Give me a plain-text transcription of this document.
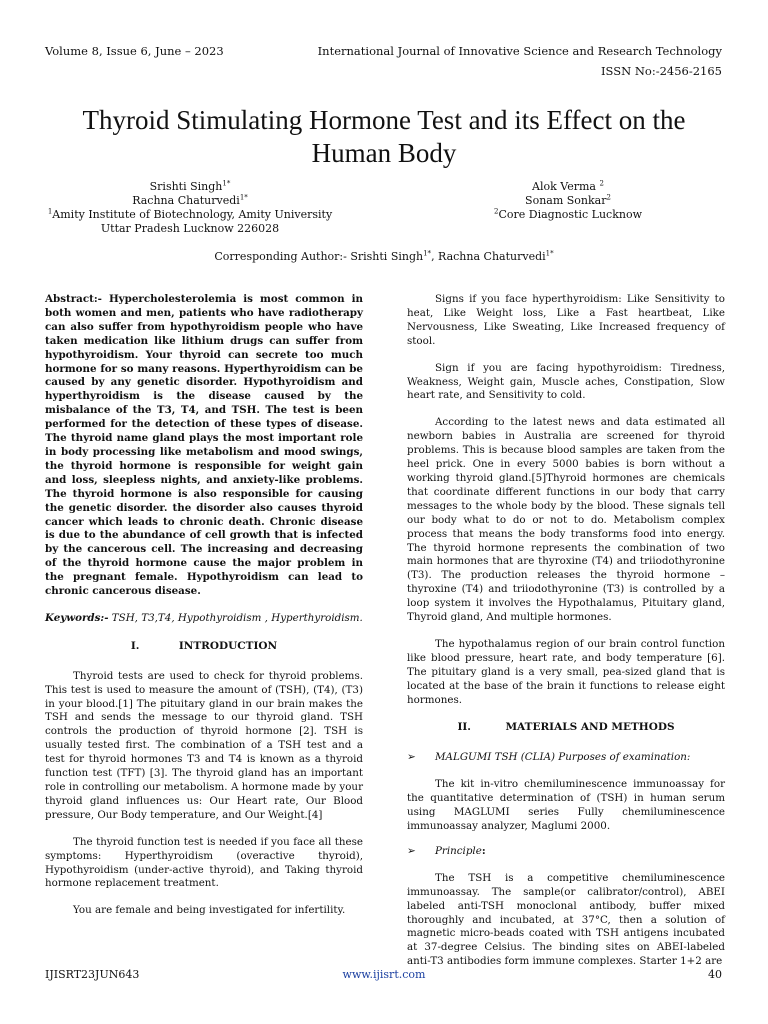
Volume 8, Issue 6, June – 2023	International Journal of Innovative Science and Research Technology
ISSN No:-2456-2165
Thyroid Stimulating Hormone Test and its Effect on the Human Body
Srishti Singh$^{1*}$
Rachna Chaturvedi$^{1*}$
$^1$Amity Institute of Biotechnology, Amity University Uttar Pradesh Lucknow 226028
Alok Verma $^2$
Sonam Sonkar$^2$
$^2$Core Diagnostic Lucknow
Corresponding Author:- Srishti Singh$^{1*}$, Rachna Chaturvedi$^{1*}$

Abstract:- Hypercholesterolemia is most common in both women and men, patients who have radiotherapy can also suffer from hypothyroidism people who have taken medication like lithium drugs can suffer from hypothyroidism. Your thyroid can secrete too much hormone for so many reasons. Hyperthyroidism can be caused by any genetic disorder. Hypothyroidism and hyperthyroidism is the disease caused by the misbalance of the T3, T4, and TSH. The test is been performed for the detection of these types of disease. The thyroid name gland plays the most important role in body processing like metabolism and mood swings, the thyroid hormone is responsible for weight gain and loss, sleepless nights, and anxiety-like problems. The thyroid hormone is also responsible for causing the genetic disorder. the disorder also causes thyroid cancer which leads to chronic death. Chronic disease is due to the abundance of cell growth that is infected by the cancerous cell. The increasing and decreasing of the thyroid hormone cause the major problem in the pregnant female. Hypothyroidism can lead to chronic cancerous disease.

Keywords:- TSH, T3,T4, Hypothyroidism , Hyperthyroidism.

I.	INTRODUCTION

Thyroid tests are used to check for thyroid problems. This test is used to measure the amount of (TSH), (T4), (T3) in your blood.[1] The pituitary gland in our brain makes the TSH and sends the message to our thyroid gland. TSH controls the production of thyroid hormone [2]. TSH is usually tested first. The combination of a TSH test and a test for thyroid hormones T3 and T4 is known as a thyroid function test (TFT) [3]. The thyroid gland has an important role in controlling our metabolism. A hormone made by your thyroid gland influences us: Our Heart rate, Our Blood pressure, Our Body temperature, and Our Weight.[4]

The thyroid function test is needed if you face all these symptoms: Hyperthyroidism (overactive thyroid), Hypothyroidism (under-active thyroid), and Taking thyroid hormone replacement treatment.

You are female and being investigated for infertility.

Signs if you face hyperthyroidism: Like Sensitivity to heat, Like Weight loss, Like a Fast heartbeat, Like Nervousness, Like Sweating, Like Increased frequency of stool.

Sign if you are facing hypothyroidism: Tiredness, Weakness, Weight gain, Muscle aches, Constipation, Slow heart rate, and Sensitivity to cold.

According to the latest news and data estimated all newborn babies in Australia are screened for thyroid problems. This is because blood samples are taken from the heel prick. One in every 5000 babies is born without a working thyroid gland.[5]Thyroid hormones are chemicals that coordinate different functions in our body that carry messages to the whole body by the blood. These signals tell our body what to do or not to do. Metabolism complex process that means the body transforms food into energy. The thyroid hormone represents the combination of two main hormones that are thyroxine (T4) and triiodothyronine (T3). The production releases the thyroid hormone – thyroxine (T4) and triiodothyronine (T3) is controlled by a loop system it involves the Hypothalamus, Pituitary gland, Thyroid gland, And multiple hormones.

The hypothalamus region of our brain control function like blood pressure, heart rate, and body temperature [6]. The pituitary gland is a very small, pea-sized gland that is located at the base of the brain it functions to release eight hormones.

II.	MATERIALS AND METHODS

➢ MALGUMI TSH (CLIA) Purposes of examination:

The kit in-vitro chemiluminescence immunoassay for the quantitative determination of (TSH) in human serum using MAGLUMI series Fully chemiluminescence immunoassay analyzer, Maglumi 2000.

➢ Principle:

The TSH is a competitive chemiluminescence immunoassay. The sample(or calibrator/control), ABEI labeled anti-TSH monoclonal antibody, buffer mixed thoroughly and incubated, at 37°C, then a solution of magnetic micro-beads coated with TSH antigens incubated at 37-degree Celsius. The binding sites on ABEI-labeled anti-T3 antibodies form immune complexes. Starter 1+2 are

IJISRT23JUN643	www.ijisrt.com	40
